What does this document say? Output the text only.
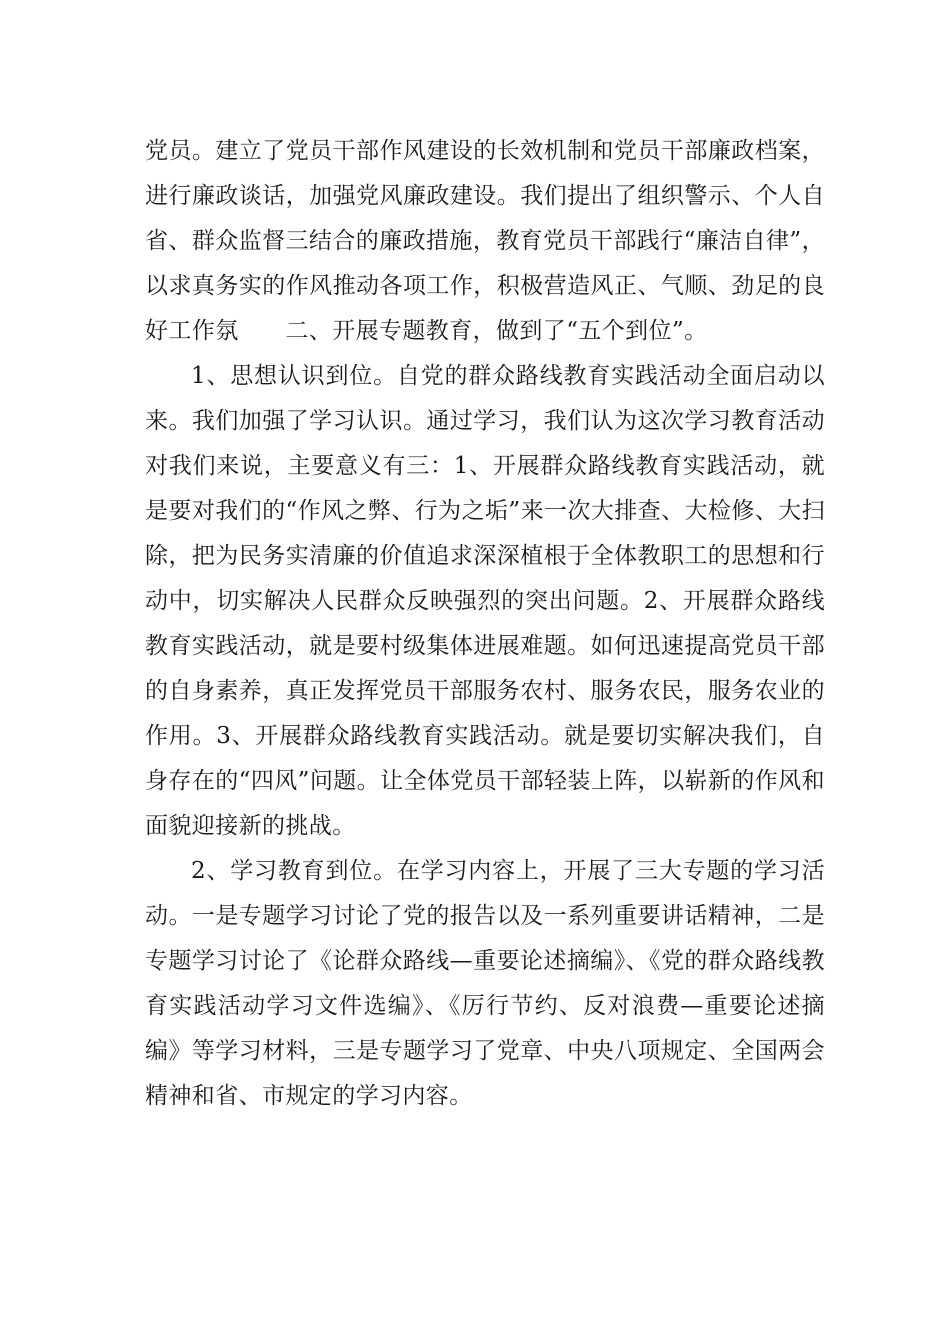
党员。建立了党员干部作风建设的长效机制和党员干部廉政档案，进行廉政谈话，加强党风廉政建设。我们提出了组织警示、个人自省、群众监督三结合的廉政措施，教育党员干部践行“廉洁自律”，以求真务实的作风推动各项工作，积极营造风正、气顺、劲足的良好工作氛　　二、开展专题教育，做到了“五个到位”。

1、思想认识到位。自党的群众路线教育实践活动全面启动以来。我们加强了学习认识。通过学习，我们认为这次学习教育活动对我们来说，主要意义有三：1、开展群众路线教育实践活动，就是要对我们的“作风之弊、行为之垢”来一次大排查、大检修、大扫除，把为民务实清廉的价值追求深深植根于全体教职工的思想和行动中，切实解决人民群众反映强烈的突出问题。2、开展群众路线教育实践活动，就是要村级集体进展难题。如何迅速提高党员干部的自身素养，真正发挥党员干部服务农村、服务农民，服务农业的作用。3、开展群众路线教育实践活动。就是要切实解决我们，自身存在的“四风”问题。让全体党员干部轻装上阵，以崭新的作风和面貌迎接新的挑战。

2、学习教育到位。在学习内容上，开展了三大专题的学习活动。一是专题学习讨论了党的报告以及一系列重要讲话精神，二是专题学习讨论了《论群众路线—重要论述摘编》、《党的群众路线教育实践活动学习文件选编》、《厉行节约、反对浪费—重要论述摘编》等学习材料，三是专题学习了党章、中央八项规定、全国两会精神和省、市规定的学习内容。
